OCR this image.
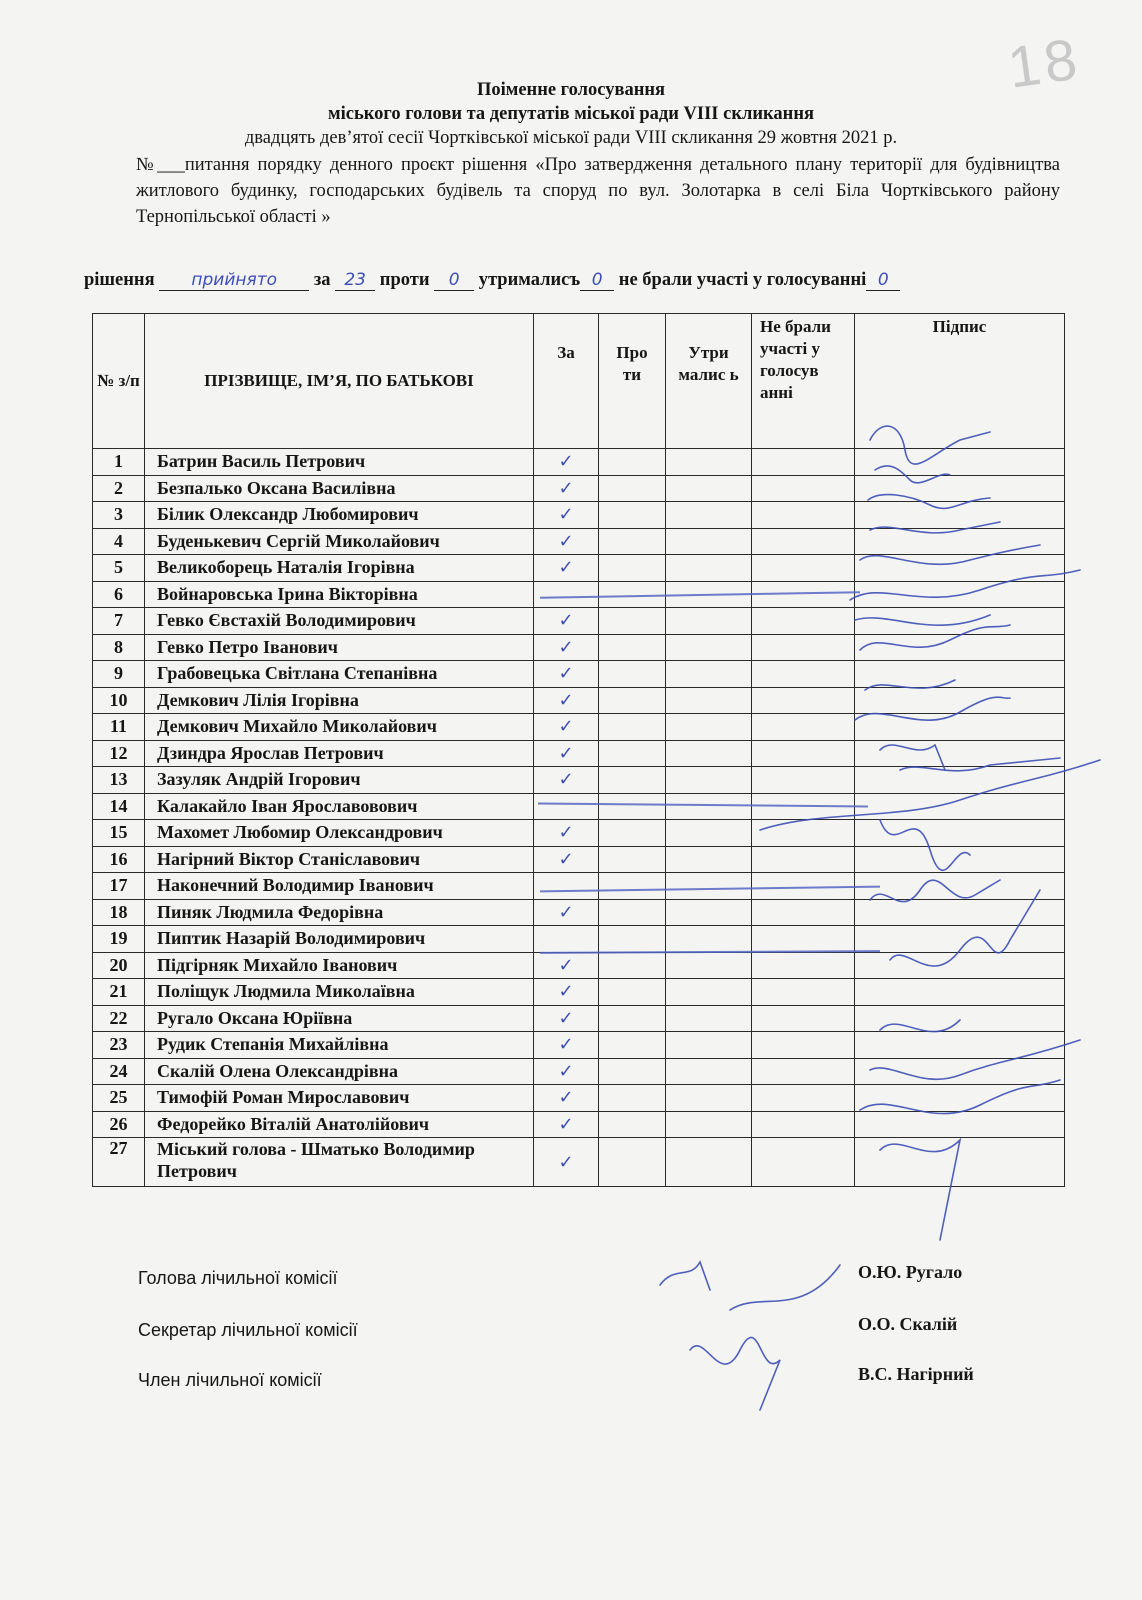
18
Поіменне голосування
міського голови та депутатів міської ради VIII скликання
двадцять дев’ятої сесії Чортківської міської ради VIII скликання 29 жовтня 2021 р.
№___питання порядку денного проєкт рішення «Про затвердження детального плану території для будівництва житлового будинку, господарських будівель та споруд по вул. Золотарка в селі Біла Чортківського району Тернопільської області »
рішення прийнято за 23 проти 0 утрималисъ 0 не брали участі у голосуванні 0
№ з/п	ПРІЗВИЩЕ, ІМ’Я, ПО БАТЬКОВІ	За	Про ти	Утри малис ь	Не брали участі у голосув анні	Підпис
1	Батрин Василь Петрович	✓				
2	Безпалько Оксана Василівна	✓				
3	Білик Олександр Любомирович	✓				
4	Буденькевич Сергій Миколайович	✓				
5	Великоборець Наталія Ігорівна	✓				
6	Войнаровська Ірина Вікторівна					
7	Гевко Євстахій Володимирович	✓				
8	Гевко Петро Іванович	✓				
9	Грабовецька Світлана Степанівна	✓				
10	Демкович Лілія Ігорівна	✓				
11	Демкович Михайло Миколайович	✓				
12	Дзиндра Ярослав Петрович	✓				
13	Зазуляк Андрій Ігорович	✓				
14	Калакайло Іван Ярославовович					
15	Махомет Любомир Олександрович	✓				
16	Нагірний Віктор Станіславович	✓				
17	Наконечний Володимир Іванович					
18	Пиняк Людмила Федорівна	✓				
19	Пиптик Назарій Володимирович					
20	Підгірняк Михайло Іванович	✓				
21	Поліщук Людмила Миколаївна	✓				
22	Ругало Оксана Юріївна	✓				
23	Рудик Степанія Михайлівна	✓				
24	Скалій Олена Олександрівна	✓				
25	Тимофій Роман Мирославович	✓				
26	Федорейко Віталій Анатолійович	✓				
27	Міський голова - Шматько Володимир Петрович	✓				
Голова лічильної комісії	О.Ю. Ругало
Секретар лічильної комісії	О.О. Скалій
Член лічильної комісії	В.С. Нагірний
